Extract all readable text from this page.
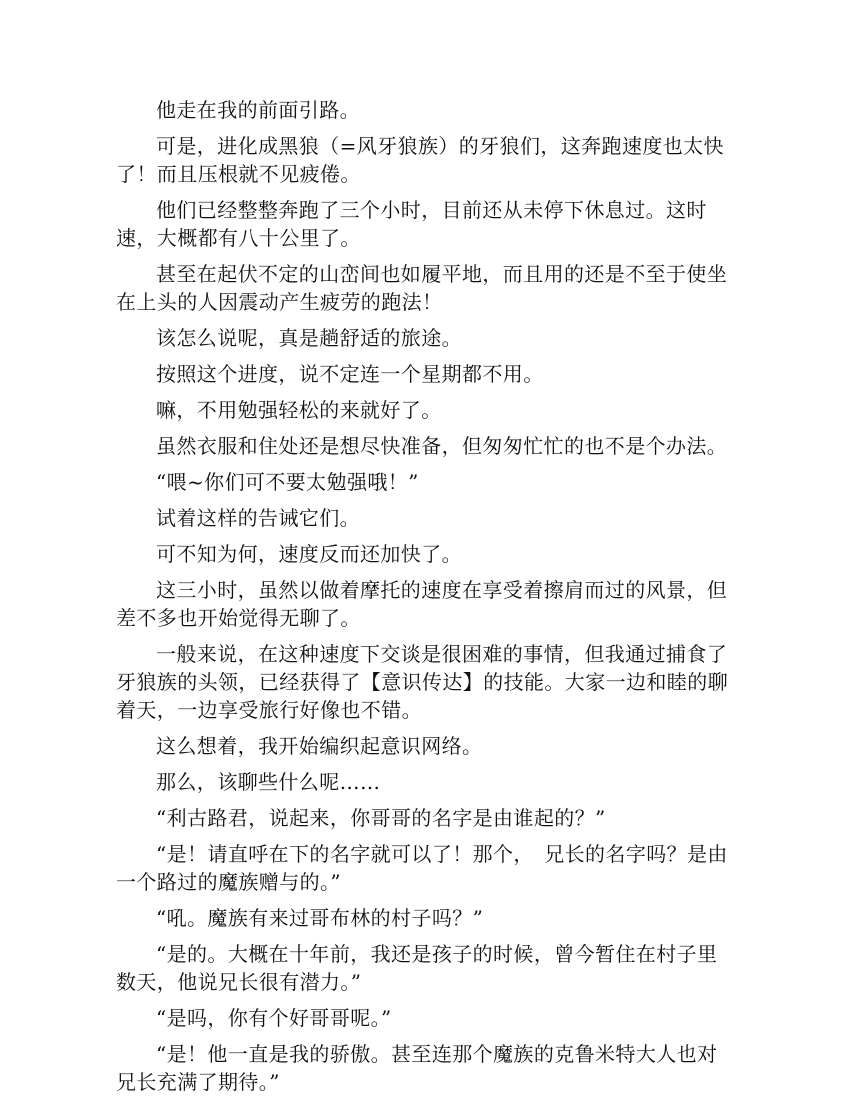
他走在我的前面引路。

可是，进化成黑狼（=风牙狼族）的牙狼们，这奔跑速度也太快了！而且压根就不见疲倦。

他们已经整整奔跑了三个小时，目前还从未停下休息过。这时速，大概都有八十公里了。

甚至在起伏不定的山峦间也如履平地，而且用的还是不至于使坐在上头的人因震动产生疲劳的跑法！

该怎么说呢，真是趟舒适的旅途。

按照这个进度，说不定连一个星期都不用。

嘛，不用勉强轻松的来就好了。

虽然衣服和住处还是想尽快准备，但匆匆忙忙的也不是个办法。

“喂~你们可不要太勉强哦！”

试着这样的告诫它们。

可不知为何，速度反而还加快了。

这三小时，虽然以做着摩托的速度在享受着擦肩而过的风景，但差不多也开始觉得无聊了。

一般来说，在这种速度下交谈是很困难的事情，但我通过捕食了牙狼族的头领，已经获得了【意识传达】的技能。大家一边和睦的聊着天，一边享受旅行好像也不错。

这么想着，我开始编织起意识网络。

那么，该聊些什么呢……

“利古路君，说起来，你哥哥的名字是由谁起的？”

“是！请直呼在下的名字就可以了！那个，　兄长的名字吗？是由一个路过的魔族赠与的。”

“吼。魔族有来过哥布林的村子吗？”

“是的。大概在十年前，我还是孩子的时候，曾今暂住在村子里数天，他说兄长很有潜力。”

“是吗，你有个好哥哥呢。”

“是！他一直是我的骄傲。甚至连那个魔族的克鲁米特大人也对兄长充满了期待。”
